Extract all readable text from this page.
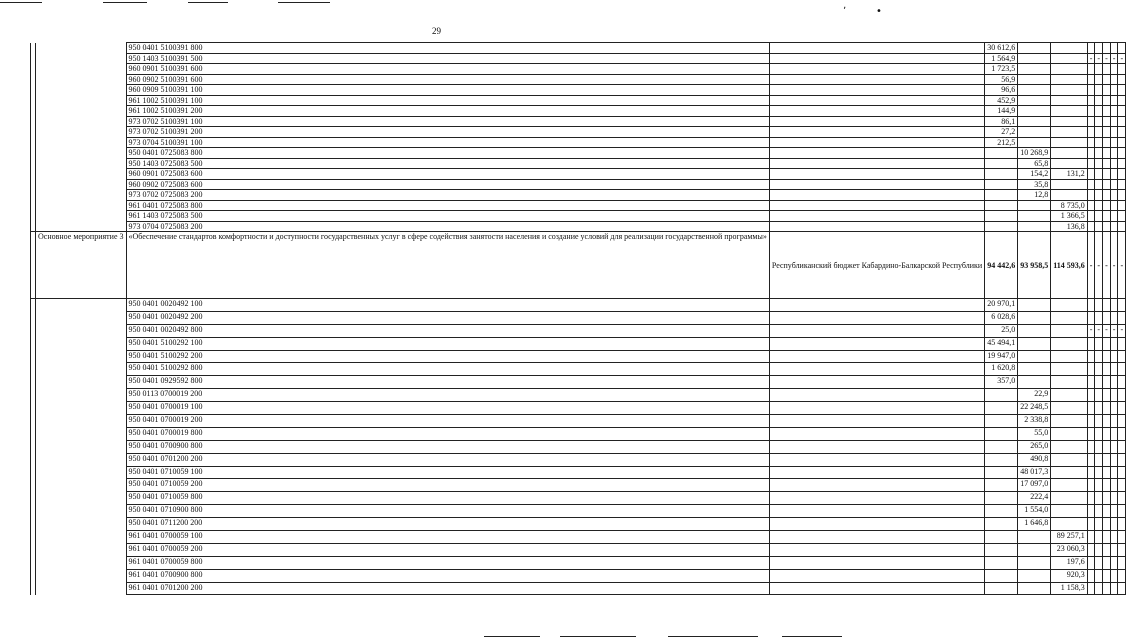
ʼ	•
29
		950 0401 5100391 800		30 612,6							
		950 1403 5100391 500		1 564,9			-	-	-	-	-
		960 0901 5100391 600		1 723,5							
		960 0902 5100391 600		56,9							
		960 0909 5100391 100		96,6							
		961 1002 5100391 100		452,9							
		961 1002 5100391 200		144,9							
		973 0702 5100391 100		86,1							
		973 0702 5100391 200		27,2							
		973 0704 5100391 100		212,5							
		950 0401 0725083 800			10 268,9						
		950 1403 0725083 500			65,8						
		960 0901 0725083 600			154,2	131,2					
		960 0902 0725083 600			35,8						
		973 0702 0725083 200			12,8						
		961 0401 0725083 800				8 735,0					
		961 1403 0725083 500				1 366,5					
		973 0704 0725083 200				136,8					
	Основное мероприятие 3	«Обеспечение стандартов комфортности и доступности государственных услуг в сфере содействия занятости населения и создание условий для реализации государственной программы»	Республиканский бюджет Кабардино-Балкарской Республики	94 442,6	93 958,5	114 593,6	-	-	-	-	-
		950 0401 0020492 100		20 970,1							
		950 0401 0020492 200		6 028,6							
		950 0401 0020492 800		25,0			-	-	-	-	-
		950 0401 5100292 100		45 494,1							
		950 0401 5100292 200		19 947,0							
		950 0401 5100292 800		1 620,8							
		950 0401 0929592 800		357,0							
		950 0113 0700019 200			22,9						
		950 0401 0700019 100			22 248,5						
		950 0401 0700019 200			2 338,8						
		950 0401 0700019 800			55,0						
		950 0401 0700900 800			265,0						
		950 0401 0701200 200			490,8						
		950 0401 0710059 100			48 017,3						
		950 0401 0710059 200			17 097,0						
		950 0401 0710059 800			222,4						
		950 0401 0710900 800			1 554,0						
		950 0401 0711200 200			1 646,8						
		961 0401 0700059 100				89 257,1					
		961 0401 0700059 200				23 060,3					
		961 0401 0700059 800				197,6					
		961 0401 0700900 800				920,3					
		961 0401 0701200 200				1 158,3					
